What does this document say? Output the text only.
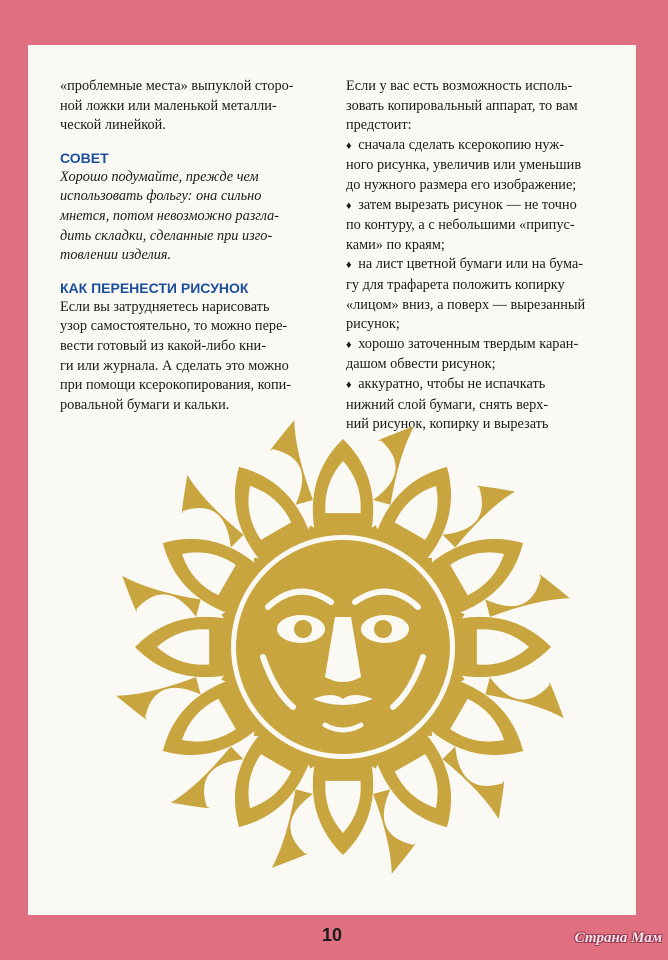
«проблемные места» выпуклой сторо-
ной ложки или маленькой металли-
ческой линейкой.
СОВЕТ
Хорошо подумайте, прежде чем
использовать фольгу: она сильно
мнется, потом невозможно разгла-
дить складки, сделанные при изго-
товлении изделия.
КАК ПЕРЕНЕСТИ РИСУНОК
Если вы затрудняетесь нарисовать
узор самостоятельно, то можно пере-
вести готовый из какой-либо кни-
ги или журнала. А сделать это можно
при помощи ксерокопирования, копи-
ровальной бумаги и кальки.
Если у вас есть возможность исполь-
зовать копировальный аппарат, то вам
предстоит:
♦ сначала сделать ксерокопию нуж-
ного рисунка, увеличив или уменьшив
до нужного размера его изображение;
♦ затем вырезать рисунок — не точно
по контуру, а с небольшими «припус-
ками» по краям;
♦ на лист цветной бумаги или на бума-
гу для трафарета положить копирку
«лицом» вниз, а поверх — вырезанный
рисунок;
♦ хорошо заточенным твердым каран-
дашом обвести рисунок;
♦ аккуратно, чтобы не испачкать
нижний слой бумаги, снять верх-
ний рисунок, копирку и вырезать
10	Страна Мам
